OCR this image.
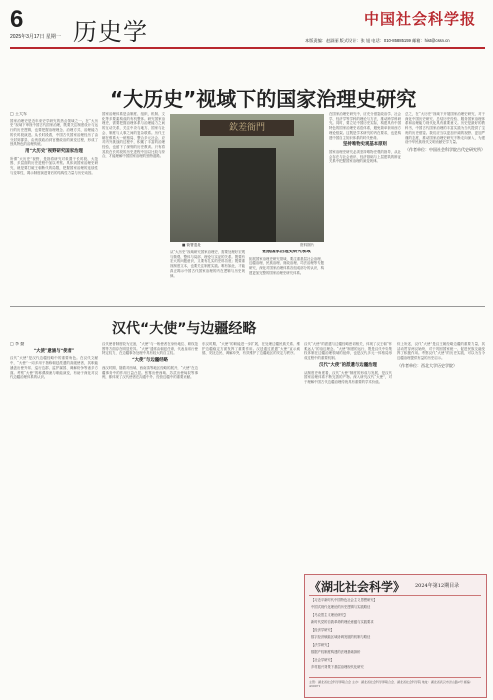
6
2025年3月17日 星期一 历史学	中国社会科学报
本版责编：赵淑丽 版式设计：张 旭 电话：010-85885159 邮箱：hist@cssn.cn
“大历史”视域下的国家治理史研究
□ 王大军
国家治理史是近年来史学研究的热点领域之一。在“大历史”视域下审视中国古代国家治理，既要关注制度设计与运行的历史逻辑，也要把握治理理念、治理方式、治理能力的长时段演进。从长时段看，中国古代国家治理经历了由分封到郡县、由贵族政治到官僚政治的演变过程，形成了独具特色的治理传统。
用“大历史”视野研究国家治理
所谓“大历史”视野，是指将研究对象置于长时段、大范围、多层面的历史进程中加以考察。具体到国家治理史研究，就是要打破王朝断代的局限，把握国家治理的连续性与变革性，揭示制度演进背后的结构性力量与历史动因。
国家治理体系是由制度、组织、机制、文化等多要素构成的有机整体。研究国家治理史，需要把握治理体系与治理能力之间的互动关系，关注中央与地方、国家与社会、制度与人事之间的复杂联系。历代王朝在维系大一统格局、整合多元社会、应对内外挑战的过程中，积累了丰富的治理经验，也留下了深刻的历史教训。只有将其放在长时段的历史进程中加以比较与综合，才能理解中国国家治理的独特道路。
欽差衙門
■ 衙署遗址	资料图片
从“大历史”视域研究国家治理史，需要处理好宏观与微观、整体与局部、理论与实证的关系。既要有宏大的问题意识，又要有扎实的史料功底；既要重视制度文本，也要关注制度实践。唯有如此，才能真正揭示中国古代国家治理的内在逻辑与历史规律。
拓展国家治理史研究领域
拓展国家治理史研究领域，要注重基层社会治理、边疆治理、民族治理、财政治理、司法治理等专题研究，深化对国家治理体系各组成部分的认识，构建更加完整的国家治理史研究体系。
在国家治理史研究中，应充分借鉴政治学、社会学、经济学等学科的理论与方法，推动跨学科研究。同时，要立足中国历史实际，构建具有中国特色的国家治理史话语体系，避免简单套用西方理论框架。这既是学术研究的内在要求，也是构建中国自主知识体系的时代使命。
坚持唯物史观基本原则
国家治理史研究必须坚持唯物史观的指导，从社会存在与社会意识、经济基础与上层建筑的辩证关系中把握国家治理的演变规律。
总之，在“大历史”视域下开展国家治理史研究，对于深化中国历史研究、总结历史经验、服务国家治理体系和治理能力现代化具有重要意义。历史是最好的教科书，中国古代国家治理的丰富实践为当代提供了宝贵的历史借鉴。我们应当以更加开阔的视野、更加严谨的态度，推动国家治理史研究不断走向深入，为建设中华民族现代文明贡献史学力量。
（作者单位：中国社会科学院古代史研究所）
汉代“大使”与边疆经略
□ 李 勤
“大使”意涵与“使者”
汉代“大使”是汉代边疆经略中的重要角色。在汉代文献中，“大使”一词多用于指称朝廷派遣的高级使者，其职能涵盖出使外邦、巡行边郡、监护属国、调解纷争等诸多方面。考察“大使”的称谓源流与职能演变，有助于深化对汉代边疆治理体系的认识。
汉代使者制度较为完备，“大使”与一般使者在身份地位、职权范围等方面存在明显差异。“大使”通常由朝廷任命，代表皇帝行使特定权力，在边疆事务处理中具有较大的自主权。
“大使”与边疆经略
西汉时期，随着对西域、西南夷等地区经略的展开，“大使”在边疆事务中的作用日益凸显。张骞出使西域、苏武出使匈奴等事例，都体现了汉代使者在沟通中外、经营边疆中的重要贡献。
东汉时期，“大使”的职能进一步扩展，在处理边疆民族关系、维护边疆稳定方面发挥了重要作用。汉廷通过派遣“大使”宣示威德、安抚边民、调解冲突，有效维护了边疆地区的安定与秩序。
汉代“大使”的派遣与边疆经略密切相关，体现了汉王朝“怀柔远人”的治边理念。“大使”制度的运行，既是汉代中央集权体制在边疆治理领域的延伸，也是汉代多元一体格局形成过程中的重要机制。
汉代“大使”的派遣与边疆治理
从制度史角度看，汉代“大使”制度的形成与发展，是汉代国家治理体系不断完善的产物。深入研究汉代“大使”，对于理解中国古代边疆治理传统具有重要的学术价值。
综上所述，汉代“大使”是汉王朝经略边疆的重要力量，其活动贯穿两汉始终，对于巩固国家统一、促进民族交融发挥了积极作用。考察汉代“大使”的历史实践，可以为当今边疆治理提供有益的历史启示。
（作者单位：西北大学历史学院）
《湖北社会科学》 2024年第12期目录
【习近平新时代中国特色社会主义思想研究】
中国式现代化理论的历史逻辑与实践路径
【马克思主义理论研究】
新时代党的自我革命的理论意蕴与实践要求
【经济学研究】
数字经济赋能区域协调发展的机制与路径
【法学研究】
数据产权制度构建的法理基础探析
【社会学研究】
乡村振兴背景下基层治理现代化研究
主管：湖北省社会科学界联合会 主办：湖北省社会科学界联合会、湖北省社会科学院 地址：湖北省武汉市洪山路2号 邮编：430071
